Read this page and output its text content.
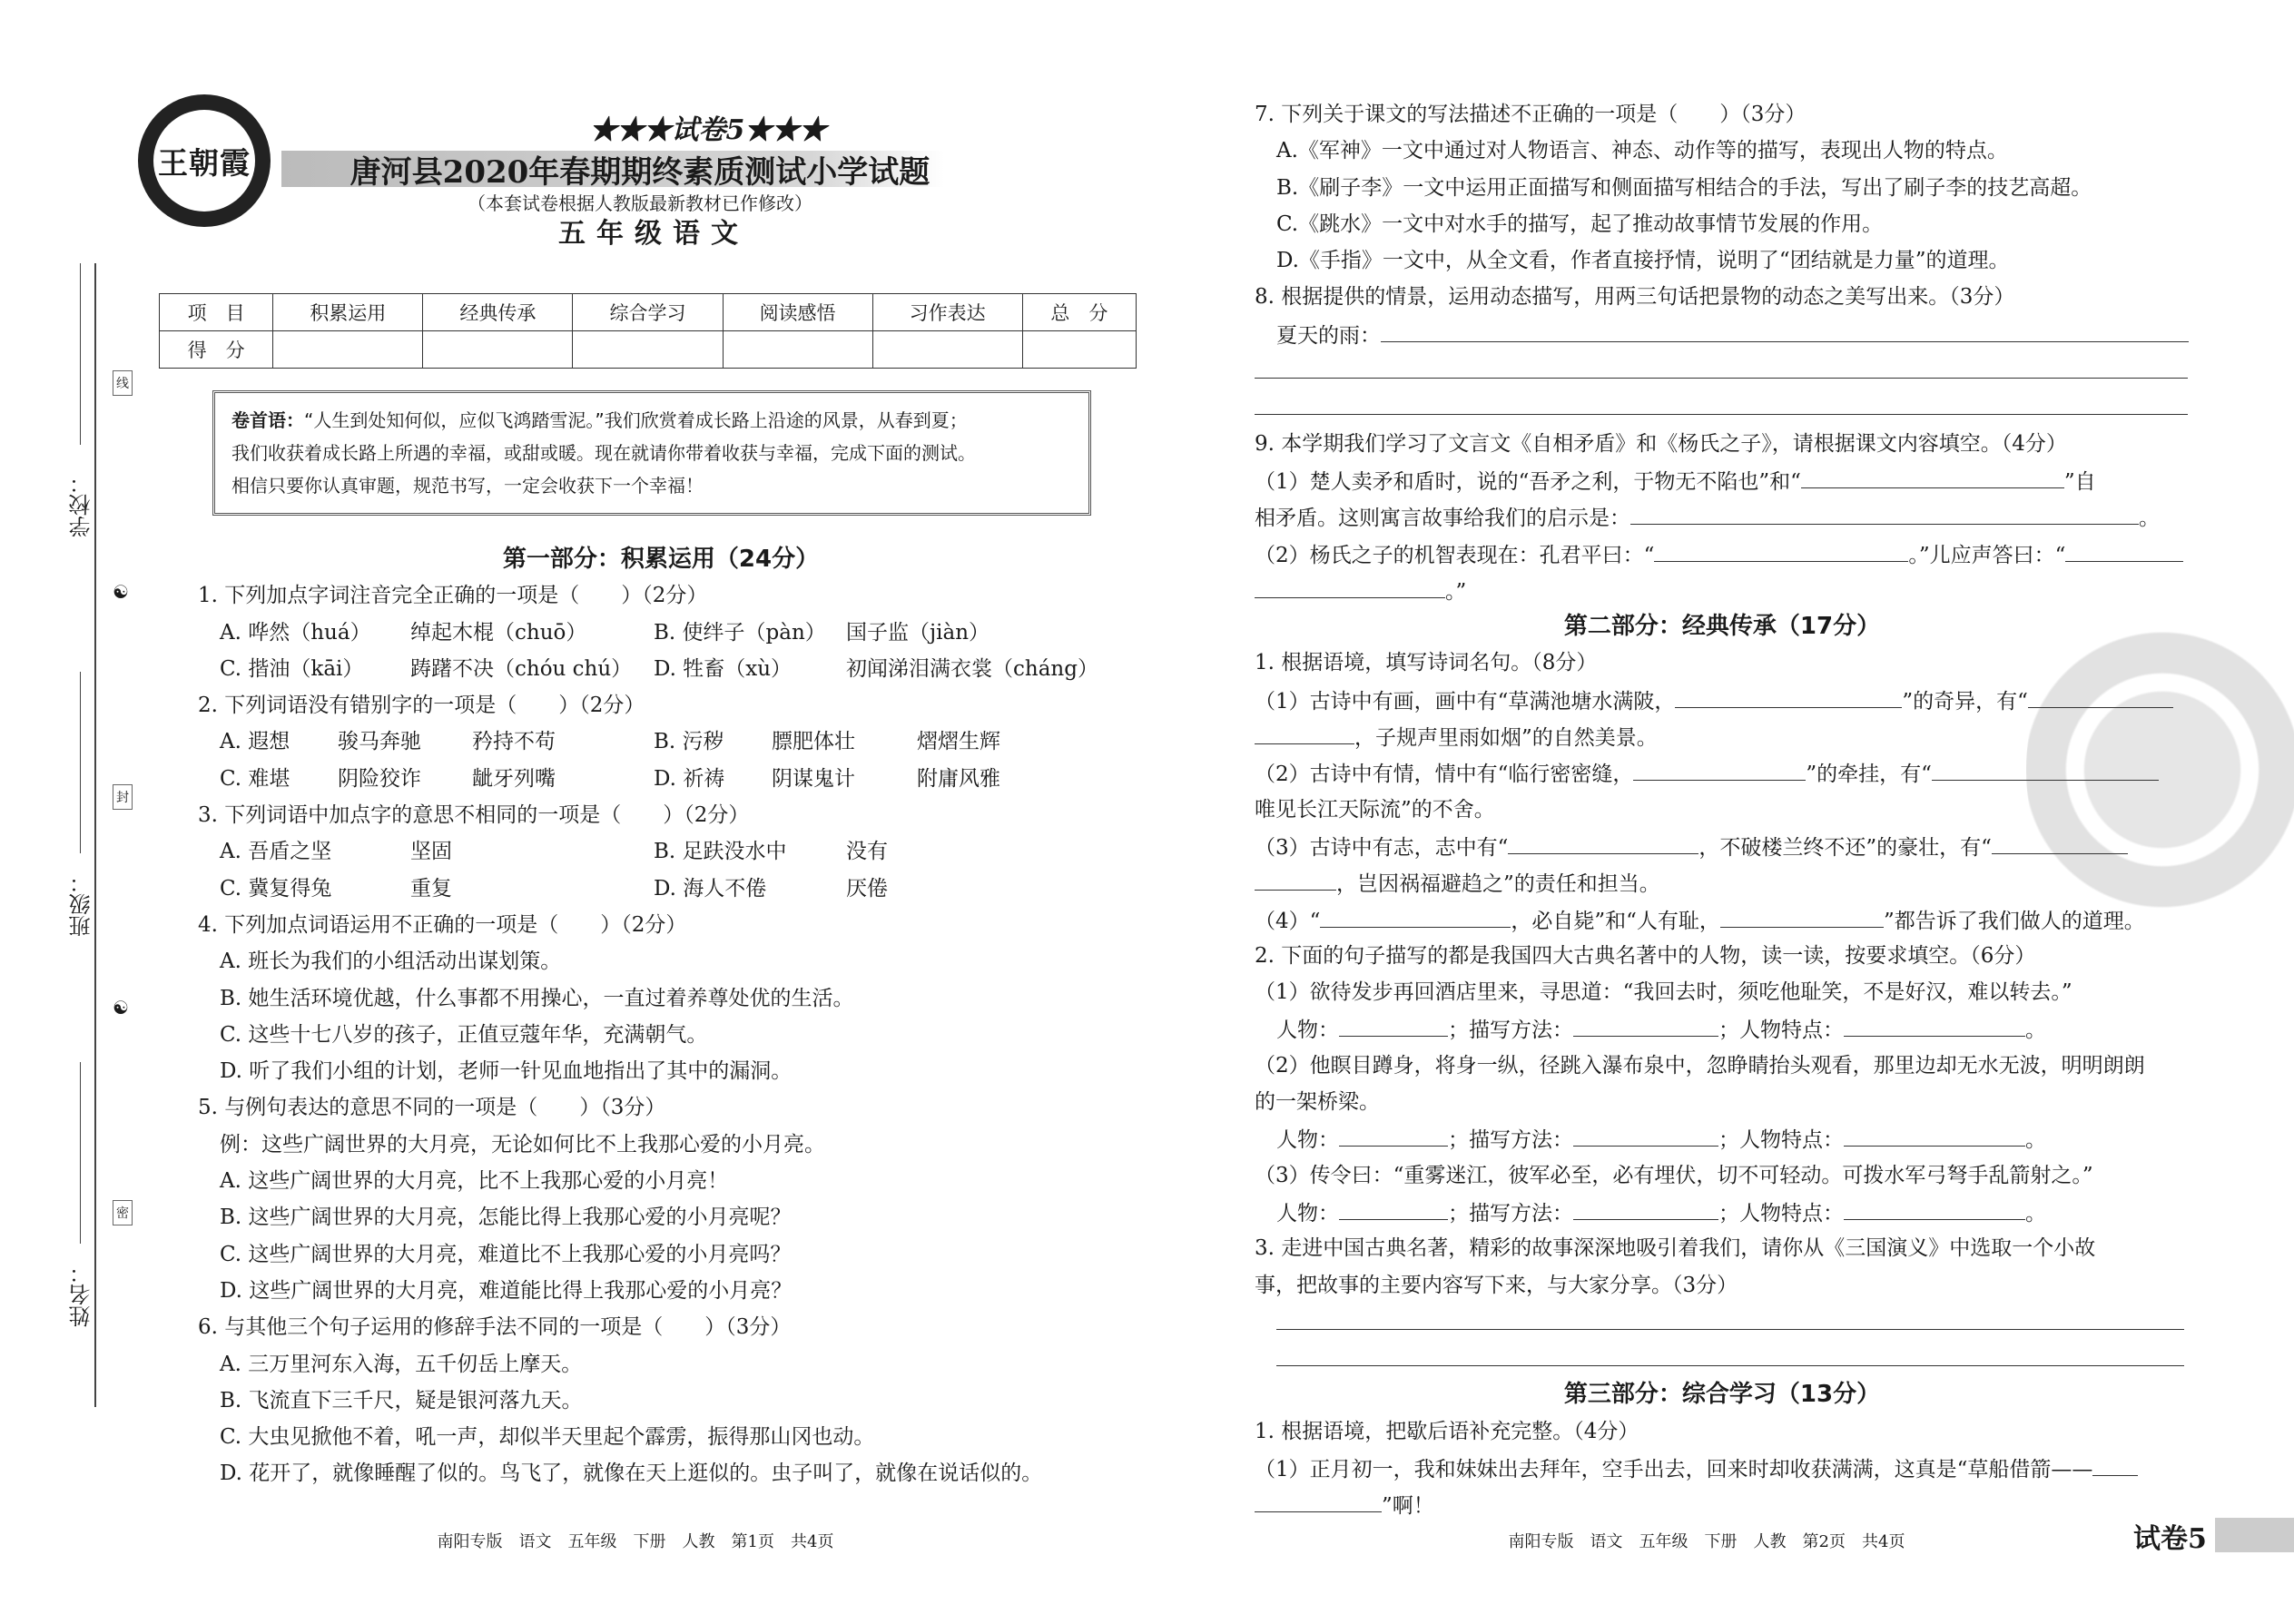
王朝霞
★★★试卷5★★★
唐河县2020年春期期终素质测试小学试题
（本套试卷根据人教版最新教材已作修改）
五年级语文
项　目	积累运用	经典传承	综合学习	阅读感悟	习作表达	总　分
得　分						
卷首语：“人生到处知何似，应似飞鸿踏雪泥。”我们欣赏着成长路上沿途的风景，从春到夏；
我们收获着成长路上所遇的幸福，或甜或暖。现在就请你带着收获与幸福，完成下面的测试。
相信只要你认真审题，规范书写，一定会收获下一个幸福！
学校：
班级：
姓名：
线
封
密
☯
☯

第一部分：积累运用（24分）

1. 下列加点字词注音完全正确的一项是（　　）（2分）

A. 哗然（huá） 绰起木棍（chuō）	B. 使绊子（pàn） 国子监（jiàn）

C. 揩油（kāi） 踌躇不决（chóu chú） D. 牲畜（xù）	初闻涕泪满衣裳（cháng）

2. 下列词语没有错别字的一项是（　　）（2分）

A. 遐想 骏马奔驰 矜持不苟	B. 污秽 膘肥体壮	熠熠生辉

C. 难堪 阴险狡诈 龇牙列嘴	D. 祈祷 阴谋鬼计	附庸风雅

3. 下列词语中加点字的意思不相同的一项是（　　）（2分）

A. 吾盾之坚	坚固	B. 足趺没水中	没有

C. 冀复得兔	重复	D. 海人不倦	厌倦

4. 下列加点词语运用不正确的一项是（　　）（2分）

A. 班长为我们的小组活动出谋划策。

B. 她生活环境优越，什么事都不用操心，一直过着养尊处优的生活。

C. 这些十七八岁的孩子，正值豆蔻年华，充满朝气。

D. 听了我们小组的计划，老师一针见血地指出了其中的漏洞。

5. 与例句表达的意思不同的一项是（　　）（3分）

例：这些广阔世界的大月亮，无论如何比不上我那心爱的小月亮。

A. 这些广阔世界的大月亮，比不上我那心爱的小月亮！

B. 这些广阔世界的大月亮，怎能比得上我那心爱的小月亮呢？

C. 这些广阔世界的大月亮，难道比不上我那心爱的小月亮吗？

D. 这些广阔世界的大月亮，难道能比得上我那心爱的小月亮？

6. 与其他三个句子运用的修辞手法不同的一项是（　　）（3分）

A. 三万里河东入海，五千仞岳上摩天。

B. 飞流直下三千尺，疑是银河落九天。

C. 大虫见掀他不着，吼一声，却似半天里起个霹雳，振得那山冈也动。

D. 花开了，就像睡醒了似的。鸟飞了，就像在天上逛似的。虫子叫了，就像在说话似的。

南阳专版　语文　五年级　下册　人教　第1页　共4页

7. 下列关于课文的写法描述不正确的一项是（　　）（3分）

A.《军神》一文中通过对人物语言、神态、动作等的描写，表现出人物的特点。

B.《刷子李》一文中运用正面描写和侧面描写相结合的手法，写出了刷子李的技艺高超。

C.《跳水》一文中对水手的描写，起了推动故事情节发展的作用。

D.《手指》一文中，从全文看，作者直接抒情，说明了“团结就是力量”的道理。

8. 根据提供的情景，运用动态描写，用两三句话把景物的动态之美写出来。（3分）

夏天的雨：

9. 本学期我们学习了文言文《自相矛盾》和《杨氏之子》，请根据课文内容填空。（4分）

（1）楚人卖矛和盾时，说的“吾矛之利，于物无不陷也”和“	”自

相矛盾。这则寓言故事给我们的启示是：	。

（2）杨氏之子的机智表现在：孔君平曰：“	。”儿应声答曰：“

。”

第二部分：经典传承（17分）

1. 根据语境，填写诗词名句。（8分）

（1）古诗中有画，画中有“草满池塘水满陂，	”的奇异，有“

，子规声里雨如烟”的自然美景。

（2）古诗中有情，情中有“临行密密缝，	”的牵挂，有“

唯见长江天际流”的不舍。

（3）古诗中有志，志中有“	，不破楼兰终不还”的豪壮，有“

，岂因祸福避趋之”的责任和担当。

（4）“	，必自毙”和“人有耻，	”都告诉了我们做人的道理。

2. 下面的句子描写的都是我国四大古典名著中的人物，读一读，按要求填空。（6分）

（1）欲待发步再回酒店里来，寻思道：“我回去时，须吃他耻笑，不是好汉，难以转去。”

人物：	；描写方法：	；人物特点：	。

（2）他瞑目蹲身，将身一纵，径跳入瀑布泉中，忽睁睛抬头观看，那里边却无水无波，明明朗朗

的一架桥梁。

人物：	；描写方法：	；人物特点：	。

（3）传令曰：“重雾迷江，彼军必至，必有埋伏，切不可轻动。可拨水军弓弩手乱箭射之。”

人物：	；描写方法：	；人物特点：	。

3. 走进中国古典名著，精彩的故事深深地吸引着我们，请你从《三国演义》中选取一个小故

事，把故事的主要内容写下来，与大家分享。（3分）

第三部分：综合学习（13分）

1. 根据语境，把歇后语补充完整。（4分）

（1）正月初一，我和妹妹出去拜年，空手出去，回来时却收获满满，这真是“草船借箭——

”啊！

南阳专版　语文　五年级　下册　人教　第2页　共4页	试卷5
